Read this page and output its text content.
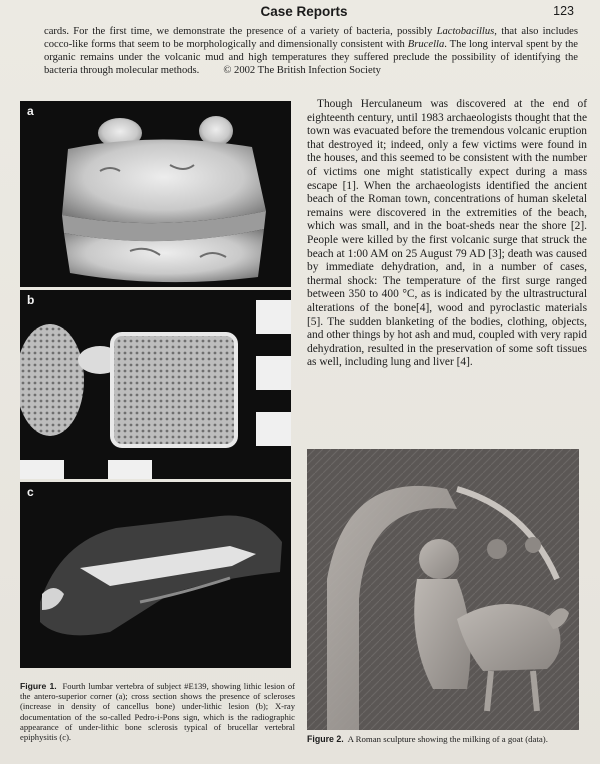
Case Reports	123

cards. For the first time, we demonstrate the presence of a variety of bacteria, possibly Lactobacillus, that also includes cocco-like forms that seem to be morphologically and dimensionally consistent with Brucella. The long interval spent by the organic remains under the volcanic mud and high temperatures they suffered preclude the possibility of identifying the bacteria through molecular methods. © 2002 The British Infection Society

a
b
c

Though Herculaneum was discovered at the end of eighteenth century, until 1983 archaeologists thought that the town was evacuated before the tremendous volcanic eruption that destroyed it; indeed, only a few victims were found in the houses, and this seemed to be consistent with the number of victims one might statistically expect during a mass escape [1]. When the archaeologists identified the ancient beach of the Roman town, concentrations of human skeletal remains were discovered in the extremities of the beach, which was small, and in the boat-sheds near the shore [2]. People were killed by the first volcanic surge that struck the beach at 1:00 AM on 25 August 79 AD [3]; death was caused by immediate dehydration, and, in a number of cases, thermal shock: The temperature of the first surge ranged between 350 to 400 °C, as is indicated by the ultrastructural alterations of the bone[4], wood and pyroclastic materials [5]. The sudden blanketing of the bodies, clothing, objects, and other things by hot ash and mud, coupled with very rapid dehydration, resulted in the preservation of some soft tissues as well, including lung and liver [4].

Figure 1. Fourth lumbar vertebra of subject #E139, showing lithic lesion of the antero-superior corner (a); cross section shows the presence of scleroses (increase in density of cancellus bone) under-lithic lesion (b); X-ray documentation of the so-called Pedro-i-Pons sign, which is the radiographic appearance of under-lithic bone sclerosis typical of brucellar vertebral epiphysitis (c).	Figure 2. A Roman sculpture showing the milking of a goat (data).
